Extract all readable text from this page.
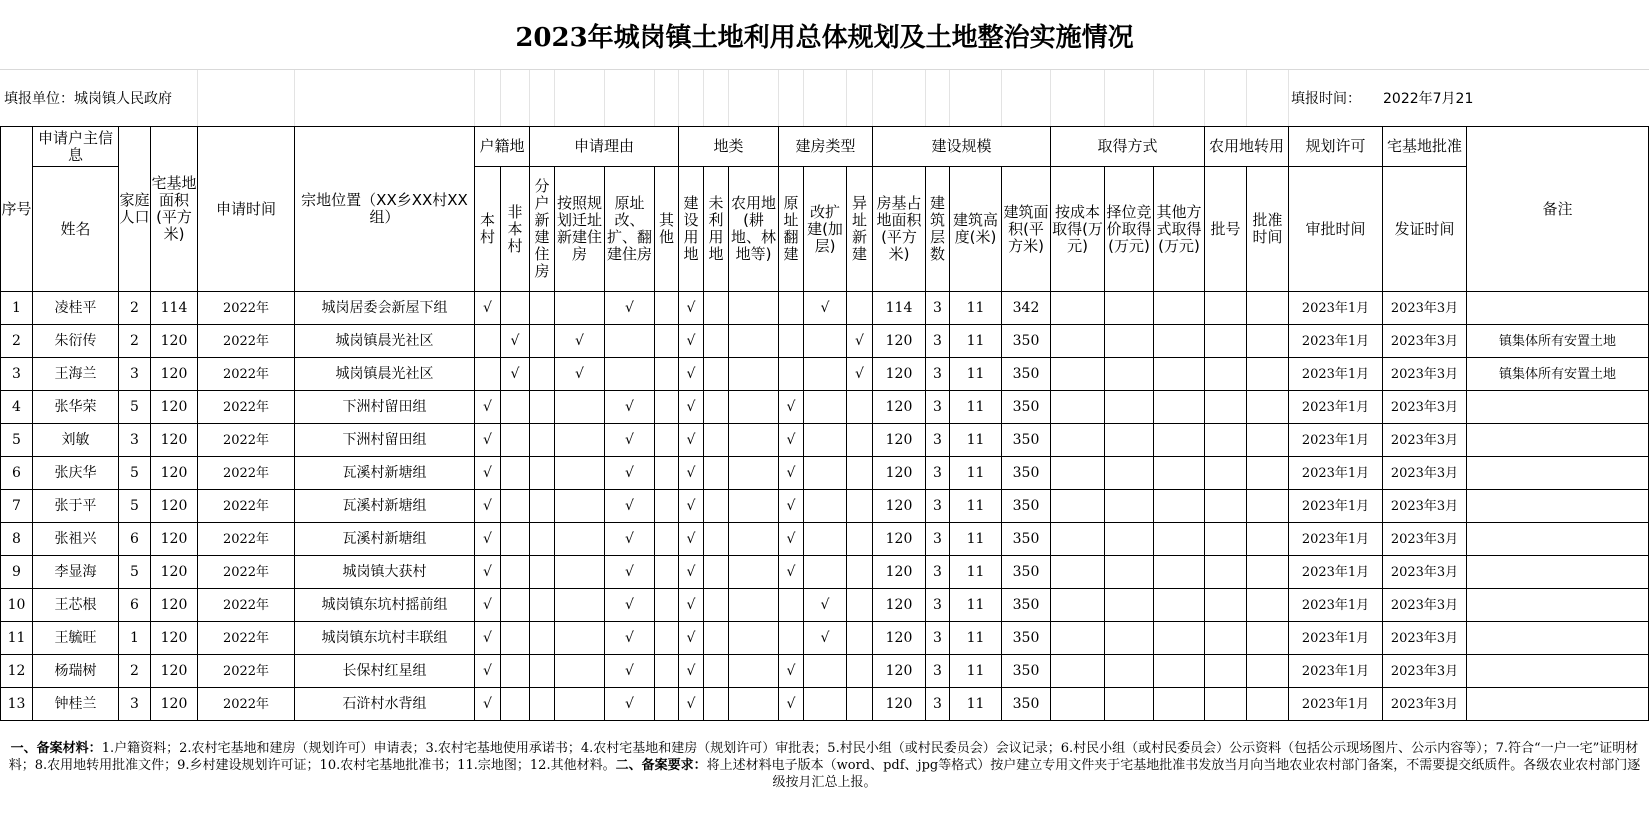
2023年城岗镇土地利用总体规划及土地整治实施情况
填报单位：城岗镇人民政府	填报时间： 2022年7月21
序号	申请户主信息	家庭人口	宅基地面积(平方米)	申请时间	宗地位置（XX乡XX村XX组）	户籍地		申请理由				地类			建房类型			建设规模				取得方式			农用地转用		规划许可	宅基地批准	备注
	姓名					本村	非本村	分户新建住房	按照规划迁址新建住房	原址改、扩、翻建住房	其他	建设用地	未利用地	农用地(耕地、林地等)	原址翻建	改扩建(加层)	异址新建	房基占地面积(平方米)	建筑层数	建筑高度(米)	建筑面积(平方米)	按成本取得(万元)	择位竞价取得(万元)	其他方式取得(万元)	批号	批准时间	审批时间	发证时间	
1	凌桂平	2	114	2022年	城岗居委会新屋下组	√				√		√				√		114	3	11	342						2023年1月	2023年3月	
2	朱衍传	2	120	2022年	城岗镇晨光社区		√		√			√					√	120	3	11	350						2023年1月	2023年3月	镇集体所有安置土地
3	王海兰	3	120	2022年	城岗镇晨光社区		√		√			√					√	120	3	11	350						2023年1月	2023年3月	镇集体所有安置土地
4	张华荣	5	120	2022年	下洲村留田组	√				√		√			√			120	3	11	350						2023年1月	2023年3月	
5	刘敏	3	120	2022年	下洲村留田组	√				√		√			√			120	3	11	350						2023年1月	2023年3月	
6	张庆华	5	120	2022年	瓦溪村新塘组	√				√		√			√			120	3	11	350						2023年1月	2023年3月	
7	张于平	5	120	2022年	瓦溪村新塘组	√				√		√			√			120	3	11	350						2023年1月	2023年3月	
8	张祖兴	6	120	2022年	瓦溪村新塘组	√				√		√			√			120	3	11	350						2023年1月	2023年3月	
9	李显海	5	120	2022年	城岗镇大获村	√				√		√			√			120	3	11	350						2023年1月	2023年3月	
10	王芯根	6	120	2022年	城岗镇东坑村摇前组	√				√		√				√		120	3	11	350						2023年1月	2023年3月	
11	王毓旺	1	120	2022年	城岗镇东坑村丰联组	√				√		√				√		120	3	11	350						2023年1月	2023年3月	
12	杨瑞树	2	120	2022年	长保村红星组	√				√		√			√			120	3	11	350						2023年1月	2023年3月	
13	钟桂兰	3	120	2022年	石浒村水背组	√				√		√			√			120	3	11	350						2023年1月	2023年3月	
一、备案材料：1.户籍资料；2.农村宅基地和建房（规划许可）申请表；3.农村宅基地使用承诺书；4.农村宅基地和建房（规划许可）审批表；5.村民小组（或村民委员会）会议记录；6.村民小组（或村民委员会）公示资料（包括公示现场图片、公示内容等）；7.符合“一户一宅”证明材料；8.农用地转用批准文件；9.乡村建设规划许可证；10.农村宅基地批准书；11.宗地图；12.其他材料。二、备案要求：将上述材料电子版本（word、pdf、jpg等格式）按户建立专用文件夹于宅基地批准书发放当月向当地农业农村部门备案，不需要提交纸质件。各级农业农村部门逐级按月汇总上报。
